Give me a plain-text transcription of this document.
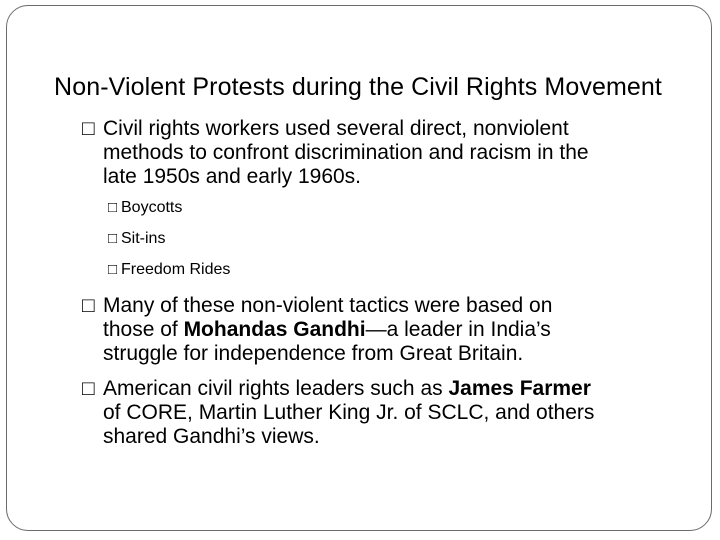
Non-Violent Protests during the Civil Rights Movement
□ Civil rights workers used several direct, nonviolent
methods to confront discrimination and racism in the
late 1950s and early 1960s.
□ Boycotts
□ Sit-ins
□ Freedom Rides
□ Many of these non-violent tactics were based on
those of Mohandas Gandhi—a leader in India’s
struggle for independence from Great Britain.
□ American civil rights leaders such as James Farmer
of CORE, Martin Luther King Jr. of SCLC, and others
shared Gandhi’s views.
